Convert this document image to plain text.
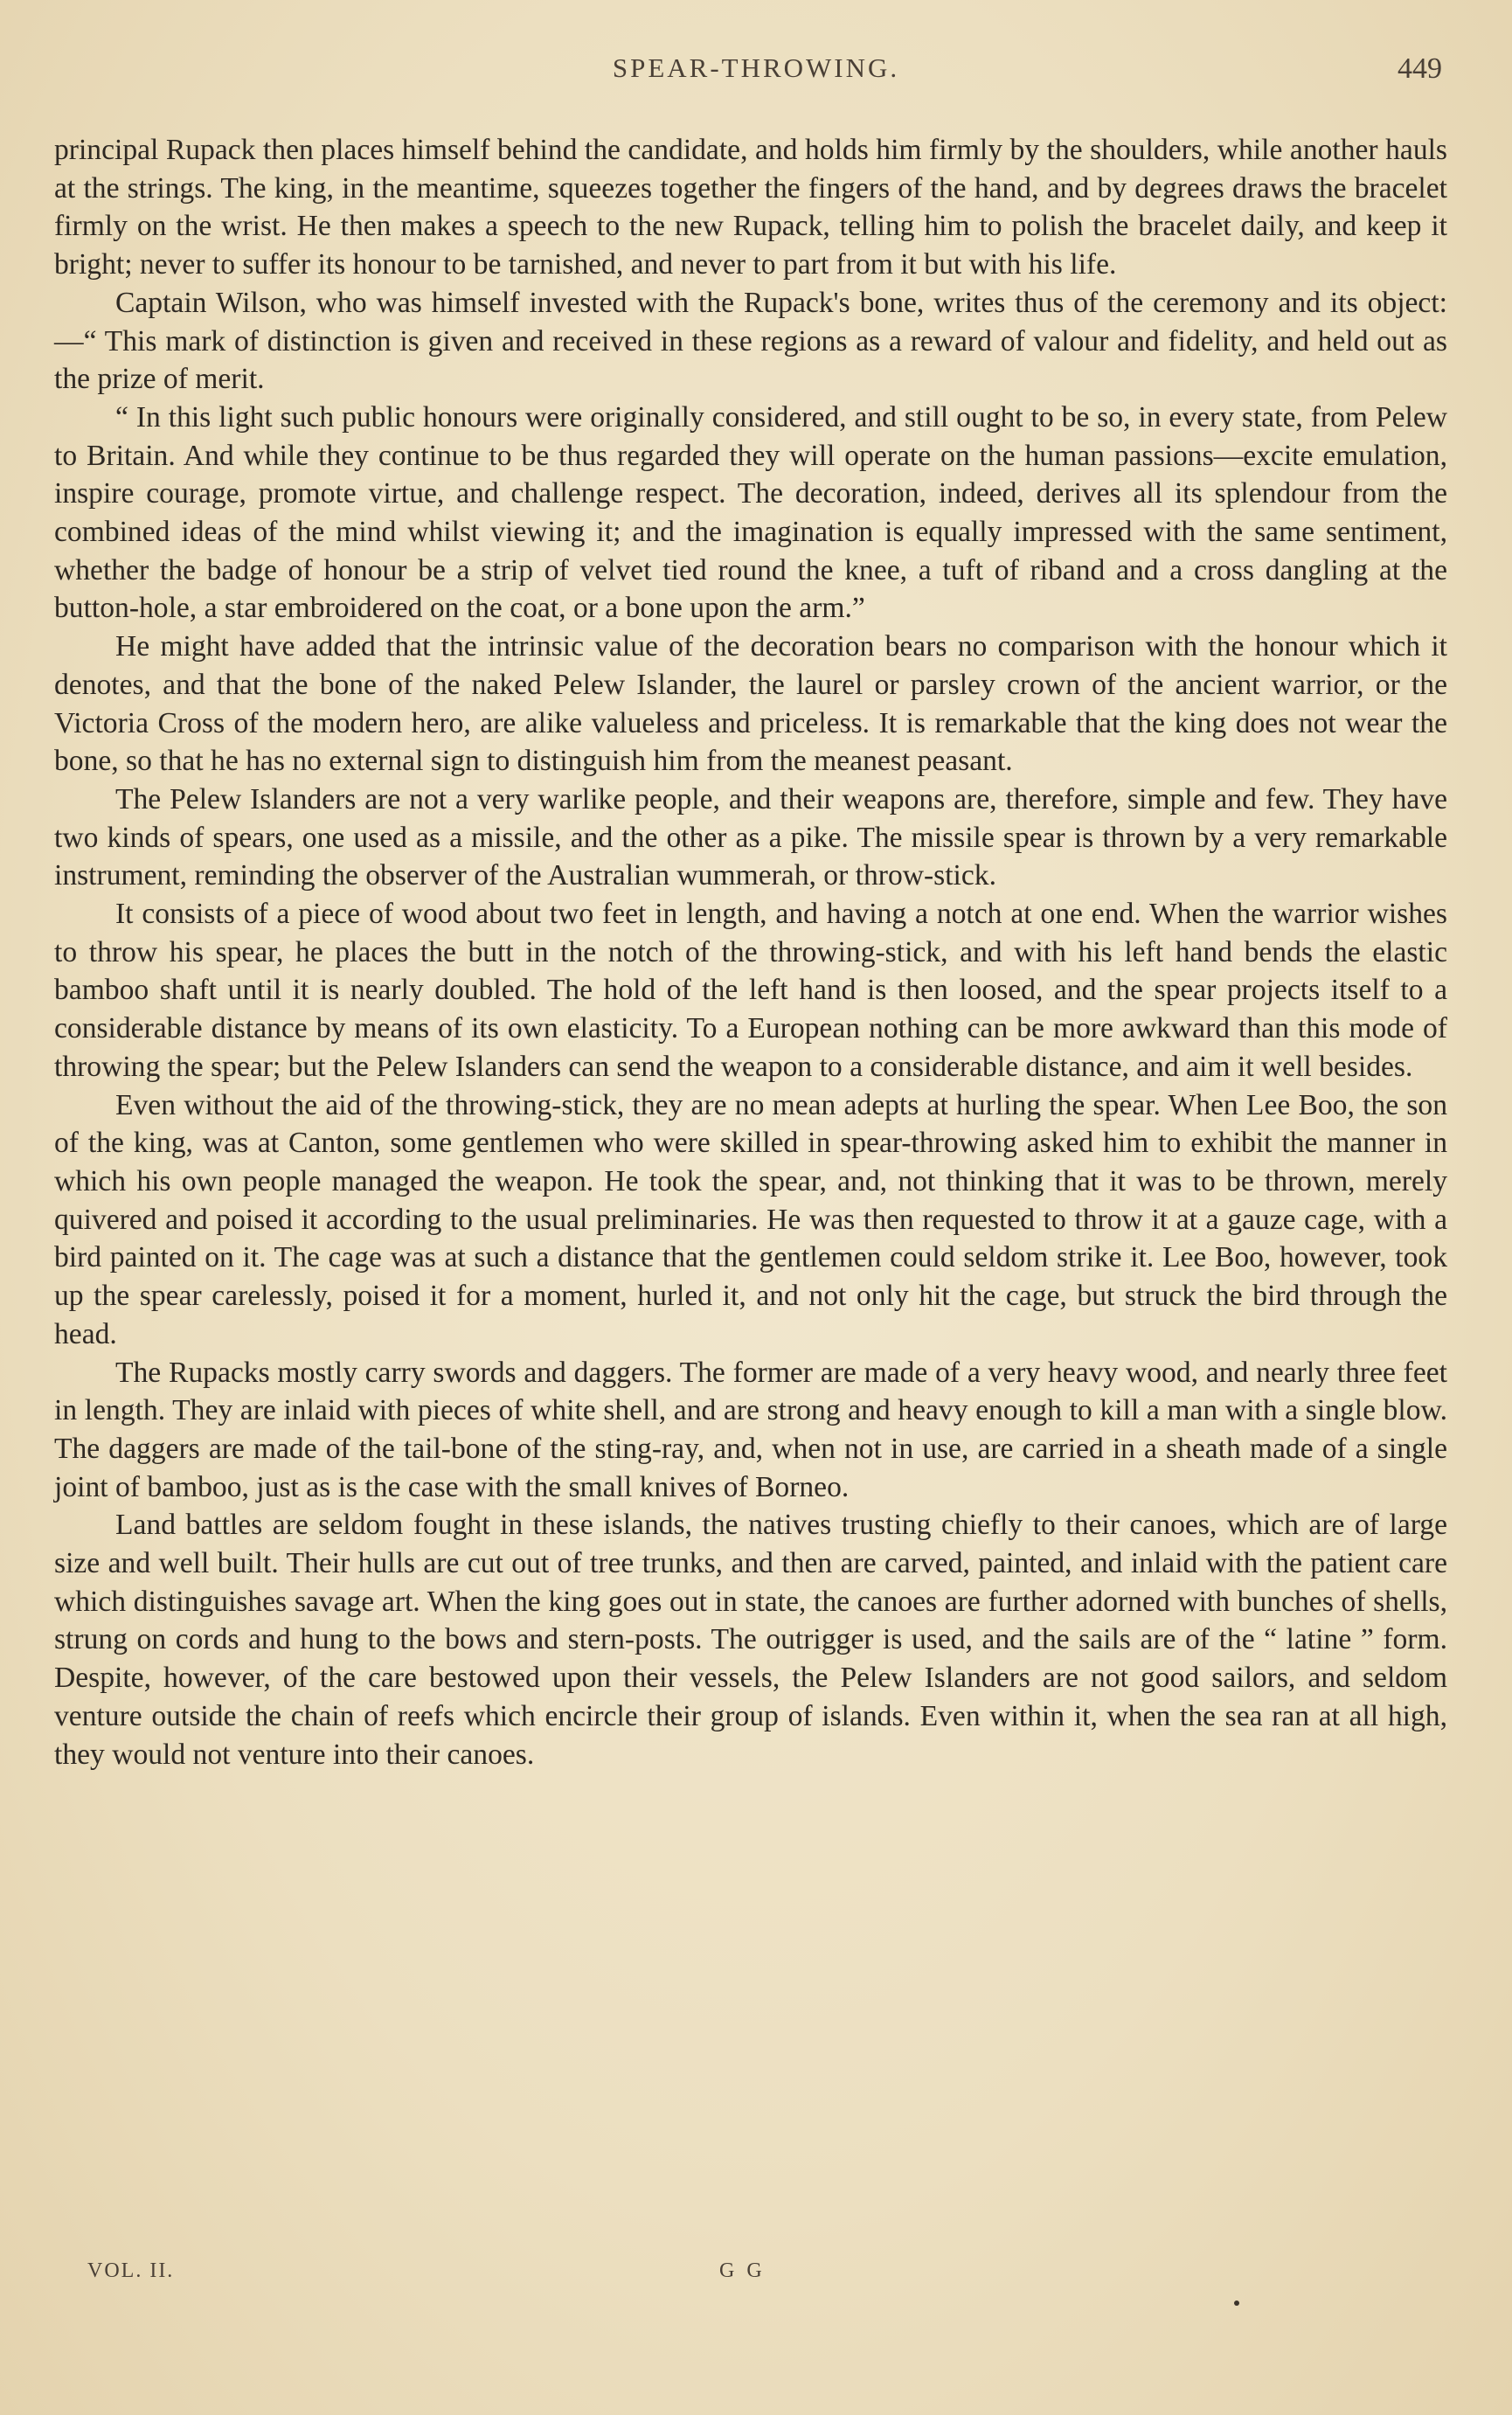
SPEAR-THROWING.	449

principal Rupack then places himself behind the candidate, and holds him firmly by the shoulders, while another hauls at the strings. The king, in the meantime, squeezes together the fingers of the hand, and by degrees draws the bracelet firmly on the wrist. He then makes a speech to the new Rupack, telling him to polish the bracelet daily, and keep it bright; never to suffer its honour to be tarnished, and never to part from it but with his life.

Captain Wilson, who was himself invested with the Rupack's bone, writes thus of the ceremony and its object:—“ This mark of distinction is given and received in these regions as a reward of valour and fidelity, and held out as the prize of merit.

“ In this light such public honours were originally considered, and still ought to be so, in every state, from Pelew to Britain. And while they continue to be thus regarded they will operate on the human passions—excite emulation, inspire courage, promote virtue, and challenge respect. The decoration, indeed, derives all its splendour from the combined ideas of the mind whilst viewing it; and the imagination is equally impressed with the same sentiment, whether the badge of honour be a strip of velvet tied round the knee, a tuft of riband and a cross dangling at the button-hole, a star embroidered on the coat, or a bone upon the arm.”

He might have added that the intrinsic value of the decoration bears no comparison with the honour which it denotes, and that the bone of the naked Pelew Islander, the laurel or parsley crown of the ancient warrior, or the Victoria Cross of the modern hero, are alike valueless and priceless. It is remarkable that the king does not wear the bone, so that he has no external sign to distinguish him from the meanest peasant.

The Pelew Islanders are not a very warlike people, and their weapons are, therefore, simple and few. They have two kinds of spears, one used as a missile, and the other as a pike. The missile spear is thrown by a very remarkable instrument, reminding the observer of the Australian wummerah, or throw-stick.

It consists of a piece of wood about two feet in length, and having a notch at one end. When the warrior wishes to throw his spear, he places the butt in the notch of the throwing-stick, and with his left hand bends the elastic bamboo shaft until it is nearly doubled. The hold of the left hand is then loosed, and the spear projects itself to a considerable distance by means of its own elasticity. To a European nothing can be more awkward than this mode of throwing the spear; but the Pelew Islanders can send the weapon to a considerable distance, and aim it well besides.

Even without the aid of the throwing-stick, they are no mean adepts at hurling the spear. When Lee Boo, the son of the king, was at Canton, some gentlemen who were skilled in spear-throwing asked him to exhibit the manner in which his own people managed the weapon. He took the spear, and, not thinking that it was to be thrown, merely quivered and poised it according to the usual preliminaries. He was then requested to throw it at a gauze cage, with a bird painted on it. The cage was at such a distance that the gentlemen could seldom strike it. Lee Boo, however, took up the spear carelessly, poised it for a moment, hurled it, and not only hit the cage, but struck the bird through the head.

The Rupacks mostly carry swords and daggers. The former are made of a very heavy wood, and nearly three feet in length. They are inlaid with pieces of white shell, and are strong and heavy enough to kill a man with a single blow. The daggers are made of the tail-bone of the sting-ray, and, when not in use, are carried in a sheath made of a single joint of bamboo, just as is the case with the small knives of Borneo.

Land battles are seldom fought in these islands, the natives trusting chiefly to their canoes, which are of large size and well built. Their hulls are cut out of tree trunks, and then are carved, painted, and inlaid with the patient care which distinguishes savage art. When the king goes out in state, the canoes are further adorned with bunches of shells, strung on cords and hung to the bows and stern-posts. The outrigger is used, and the sails are of the “ latine ” form. Despite, however, of the care bestowed upon their vessels, the Pelew Islanders are not good sailors, and seldom venture outside the chain of reefs which encircle their group of islands. Even within it, when the sea ran at all high, they would not venture into their canoes.

VOL. II.	G G
